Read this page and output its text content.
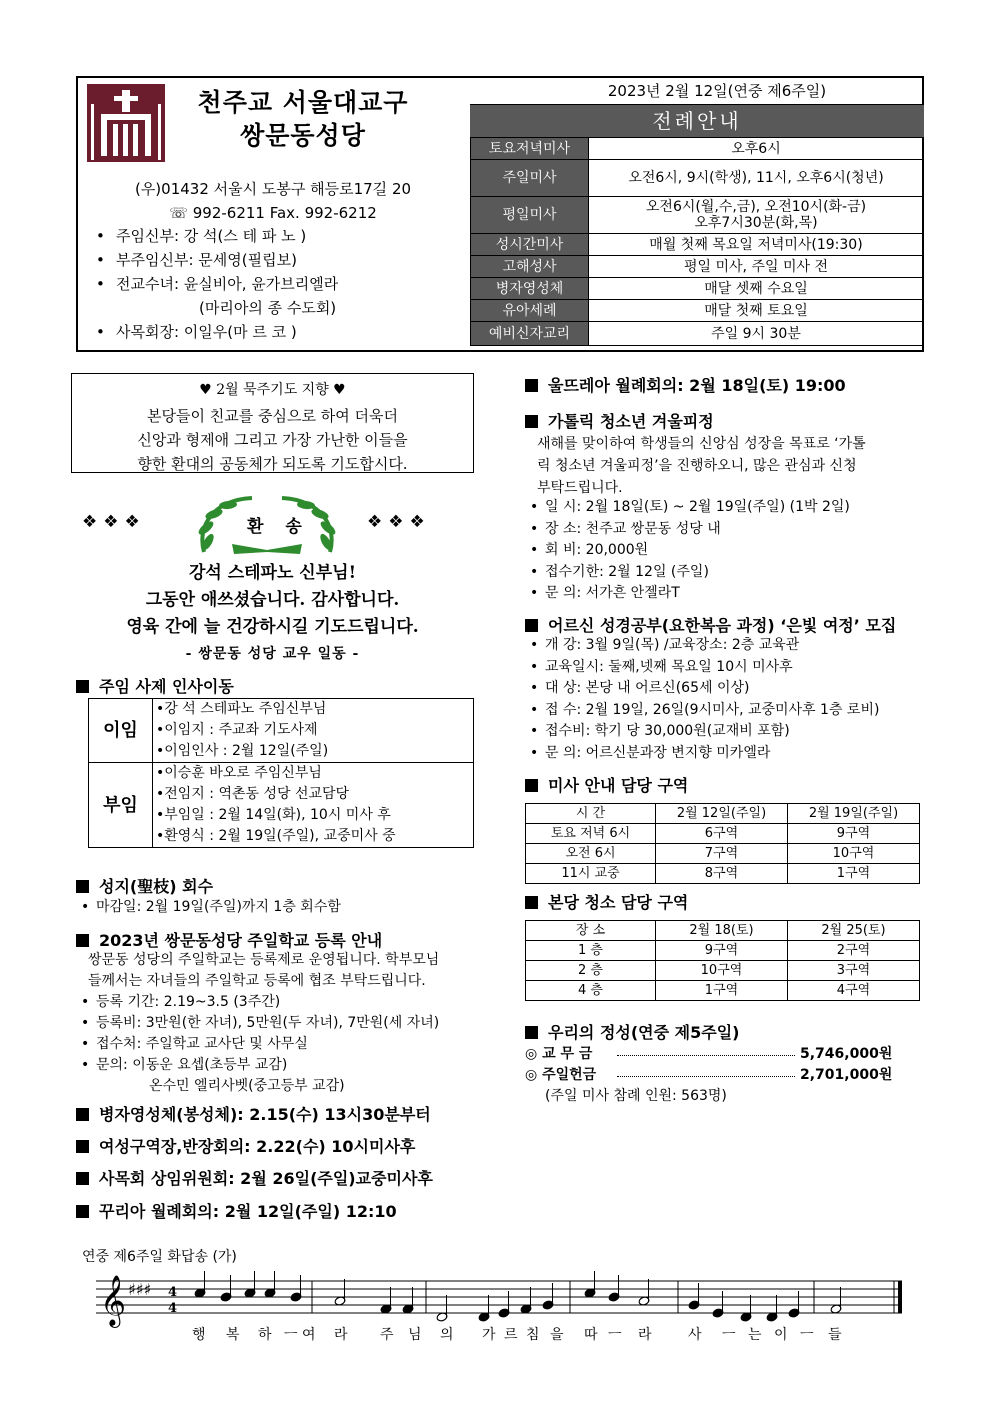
천주교 서울대교구
쌍문동성당
(우)01432 서울시 도봉구 해등로17길 20
☏ 992-6211 Fax. 992-6212
• 주임신부: 강 석(스 테 파 노 )
• 부주임신부: 문세영(필립보)
• 전교수녀: 윤실비아, 윤가브리엘라
(마리아의 종 수도회)
• 사목회장: 이일우(마 르 코 )
2023년 2월 12일(연중 제6주일)
전례안내
토요저녁미사	오후6시
주일미사	오전6시, 9시(학생), 11시, 오후6시(청년)
평일미사	오전6시(월,수,금), 오전10시(화-금)
오후7시30분(화,목)

성시간미사	매월 첫째 목요일 저녁미사(19:30)
고해성사	평일 미사, 주일 미사 전
병자영성체	매달 셋째 수요일
유아세례	매달 첫째 토요일
예비신자교리	주일 9시 30분
♥ 2월 묵주기도 지향 ♥
본당들이 친교를 중심으로 하여 더욱더
신앙과 형제애 그리고 가장 가난한 이들을
향한 환대의 공동체가 되도록 기도합시다.
❖❖❖	환 송	❖❖❖
강석 스테파노 신부님!
그동안 애쓰셨습니다. 감사합니다.
영육 간에 늘 건강하시길 기도드립니다.
- 쌍문동 성당 교우 일동 -
주임 사제 인사이동
이임	•강 석 스테파노 주임신부님
•이임지 : 주교좌 기도사제
•이임인사 : 2월 12일(주일)

부임	•이승훈 바오로 주임신부님
•전임지 : 역촌동 성당 선교담당
•부임일 : 2월 14일(화), 10시 미사 후
•환영식 : 2월 19일(주일), 교중미사 중
성지(聖枝) 회수
• 마감일: 2월 19일(주일)까지 1층 회수함
2023년 쌍문동성당 주일학교 등록 안내
쌍문동 성당의 주일학교는 등록제로 운영됩니다. 학부모님
들께서는 자녀들의 주일학교 등록에 협조 부탁드립니다.
• 등록 기간: 2.19~3.5 (3주간)
• 등록비: 3만원(한 자녀), 5만원(두 자녀), 7만원(세 자녀)
• 접수처: 주일학교 교사단 및 사무실
• 문의: 이동운 요셉(초등부 교감)
온수민 엘리사벳(중고등부 교감)
병자영성체(봉성체): 2.15(수) 13시30분부터
여성구역장,반장회의: 2.22(수) 10시미사후
사목회 상임위원회: 2월 26일(주일)교중미사후
꾸리아 월례회의: 2월 12일(주일) 12:10
울뜨레아 월례회의: 2월 18일(토) 19:00
가톨릭 청소년 겨울피정
새해를 맞이하여 학생들의 신앙심 성장을 목표로 ‘가톨
릭 청소년 겨울피정’을 진행하오니, 많은 관심과 신청
부탁드립니다.
• 일 시: 2월 18일(토) ~ 2월 19일(주일) (1박 2일)
• 장 소: 천주교 쌍문동 성당 내
• 회 비: 20,000원
• 접수기한: 2월 12일 (주일)
• 문 의: 서가흔 안젤라T
어르신 성경공부(요한복음 과정) ‘은빛 여정’ 모집
• 개 강: 3월 9일(목) /교육장소: 2층 교육관
• 교육일시: 둘째,넷째 목요일 10시 미사후
• 대 상: 본당 내 어르신(65세 이상)
• 접 수: 2월 19일, 26일(9시미사, 교중미사후 1층 로비)
• 접수비: 학기 당 30,000원(교재비 포함)
• 문 의: 어르신분과장 변지향 미카엘라
미사 안내 담당 구역
시 간	2월 12일(주일)	2월 19일(주일)
토요 저녁 6시	6구역	9구역
오전 6시	7구역	10구역
11시 교중	8구역	1구역
본당 청소 담당 구역
장 소	2월 18(토)	2월 25(토)
1 층	9구역	2구역
2 층	10구역	3구역
4 층	1구역	4구역
우리의 정성(연중 제5주일)
◎ 교 무 금	5,746,000원
◎ 주일헌금	2,701,000원
(주일 미사 참례 인원: 563명)
연중 제6주일 화답송 (가)
𝄞 ♯♯♯ 4
4
행 복 하 ㅡ 여 라 주 님 의 가 르 침 을 따 ㅡ 라	사 ㅡ 는 이 ㅡ 들
